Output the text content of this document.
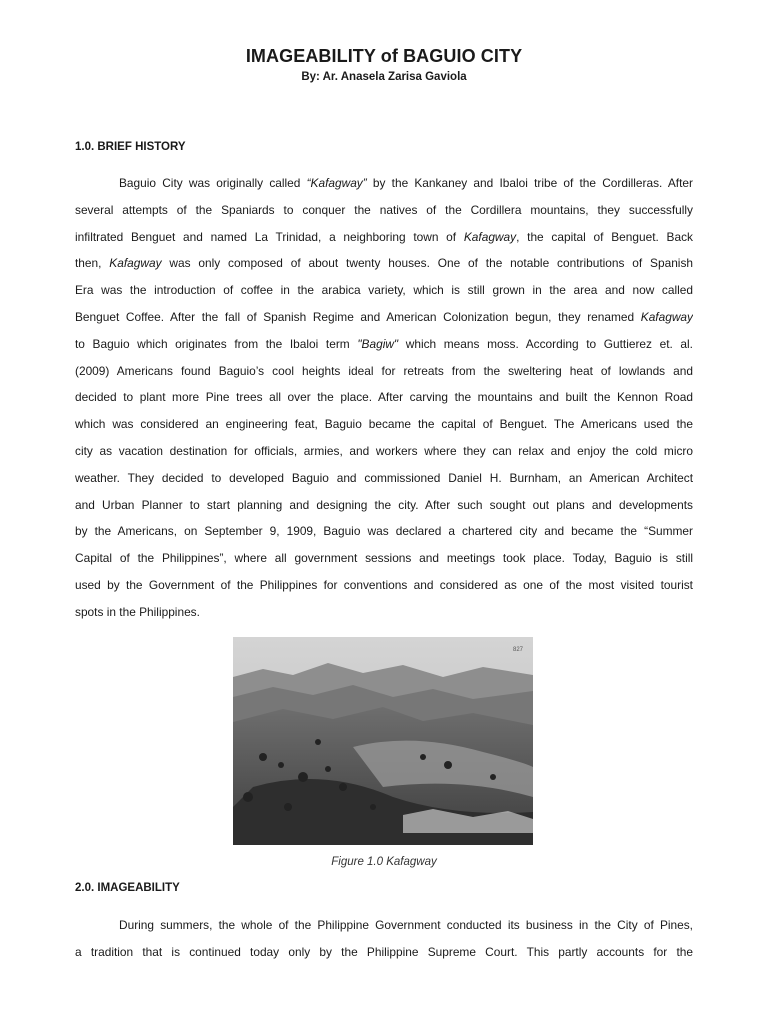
IMAGEABILITY of BAGUIO CITY
By: Ar. Anasela Zarisa Gaviola
1.0. BRIEF HISTORY
Baguio City was originally called “Kafagway” by the Kankaney and Ibaloi tribe of the Cordilleras. After
several attempts of the Spaniards to conquer the natives of the Cordillera mountains, they successfully
infiltrated Benguet and named La Trinidad, a neighboring town of Kafagway, the capital of Benguet. Back
then, Kafagway was only composed of about twenty houses. One of the notable contributions of Spanish
Era was the introduction of coffee in the arabica variety, which is still grown in the area and now called
Benguet Coffee. After the fall of Spanish Regime and American Colonization begun, they renamed Kafagway
to Baguio which originates from the Ibaloi term "Bagiw" which means moss. According to Guttierez et. al.
(2009) Americans found Baguio’s cool heights ideal for retreats from the sweltering heat of lowlands and
decided to plant more Pine trees all over the place. After carving the mountains and built the Kennon Road
which was considered an engineering feat, Baguio became the capital of Benguet. The Americans used the
city as vacation destination for officials, armies, and workers where they can relax and enjoy the cold micro
weather. They decided to developed Baguio and commissioned Daniel H. Burnham, an American Architect
and Urban Planner to start planning and designing the city. After such sought out plans and developments
by the Americans, on September 9, 1909, Baguio was declared a chartered city and became the “Summer
Capital of the Philippines”, where all government sessions and meetings took place. Today, Baguio is still
used by the Government of the Philippines for conventions and considered as one of the most visited tourist
spots in the Philippines.
827
Figure 1.0 Kafagway
2.0. IMAGEABILITY
During summers, the whole of the Philippine Government conducted its business in the City of Pines,
a tradition that is continued today only by the Philippine Supreme Court. This partly accounts for the
